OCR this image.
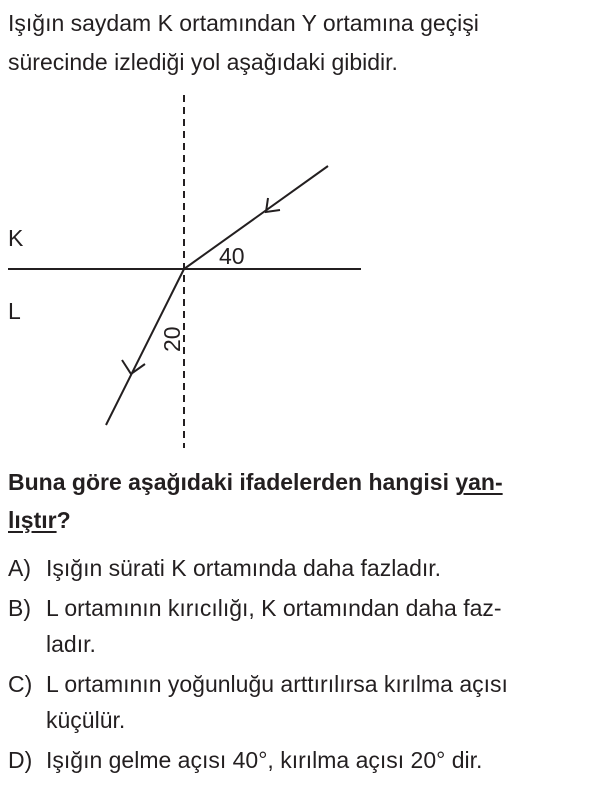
Işığın saydam K ortamından Y ortamına geçişi

sürecinde izlediği yol aşağıdaki gibidir.

K
L
40
20

Buna göre aşağıdaki ifadelerden hangisi yan-

lıştır?

A) Işığın sürati K ortamında daha fazladır.
B) L ortamının kırıcılığı, K ortamından daha faz-
ladır.
C) L ortamının yoğunluğu arttırılırsa kırılma açısı
küçülür.
D) Işığın gelme açısı 40°, kırılma açısı 20° dir.
